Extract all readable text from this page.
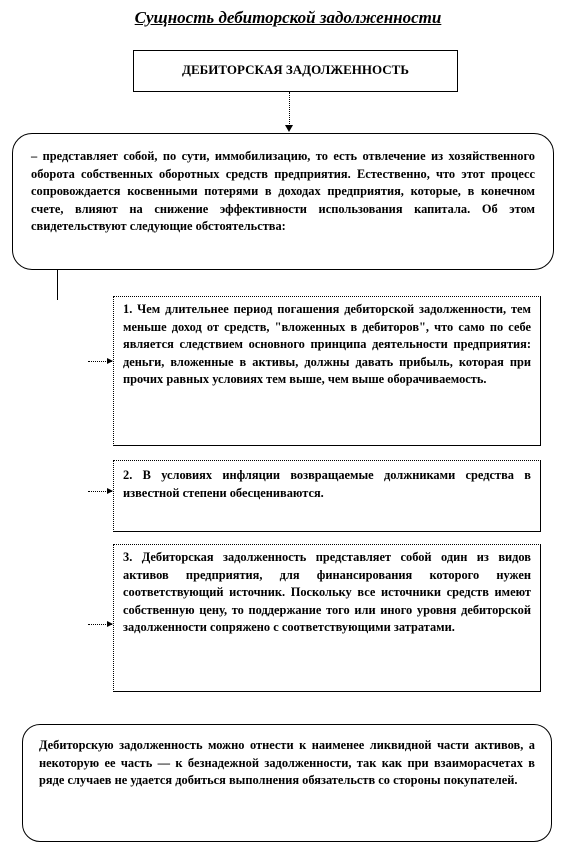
Сущность дебиторской задолженности
ДЕБИТОРСКАЯ ЗАДОЛЖЕННОСТЬ
– представляет собой, по сути, иммобилизацию, то есть отвлечение из хозяйственного оборота собственных оборотных средств предприятия. Естественно, что этот процесс сопровождается косвенными потерями в доходах предприятия, которые, в конечном счете, влияют на снижение эффективности использования капитала. Об этом свидетельствуют следующие обстоятельства:
1. Чем длительнее период погашения дебиторской задолженности, тем меньше доход от средств, "вложенных в дебиторов", что само по себе является следствием основного принципа деятельности предприятия: деньги, вложенные в активы, должны давать прибыль, которая при прочих равных условиях тем выше, чем выше оборачиваемость.
2. В условиях инфляции возвращаемые должниками средства в известной степени обесцениваются.
3. Дебиторская задолженность представляет собой один из видов активов предприятия, для финансирования которого нужен соответствующий источник. Поскольку все источники средств имеют собственную цену, то поддержание того или иного уровня дебиторской задолженности сопряжено с соответствующими затратами.
Дебиторскую задолженность можно отнести к наименее ликвидной части активов, а некоторую ее часть — к безнадежной задолженности, так как при взаиморасчетах в ряде случаев не удается добиться выполнения обязательств со стороны покупателей.
